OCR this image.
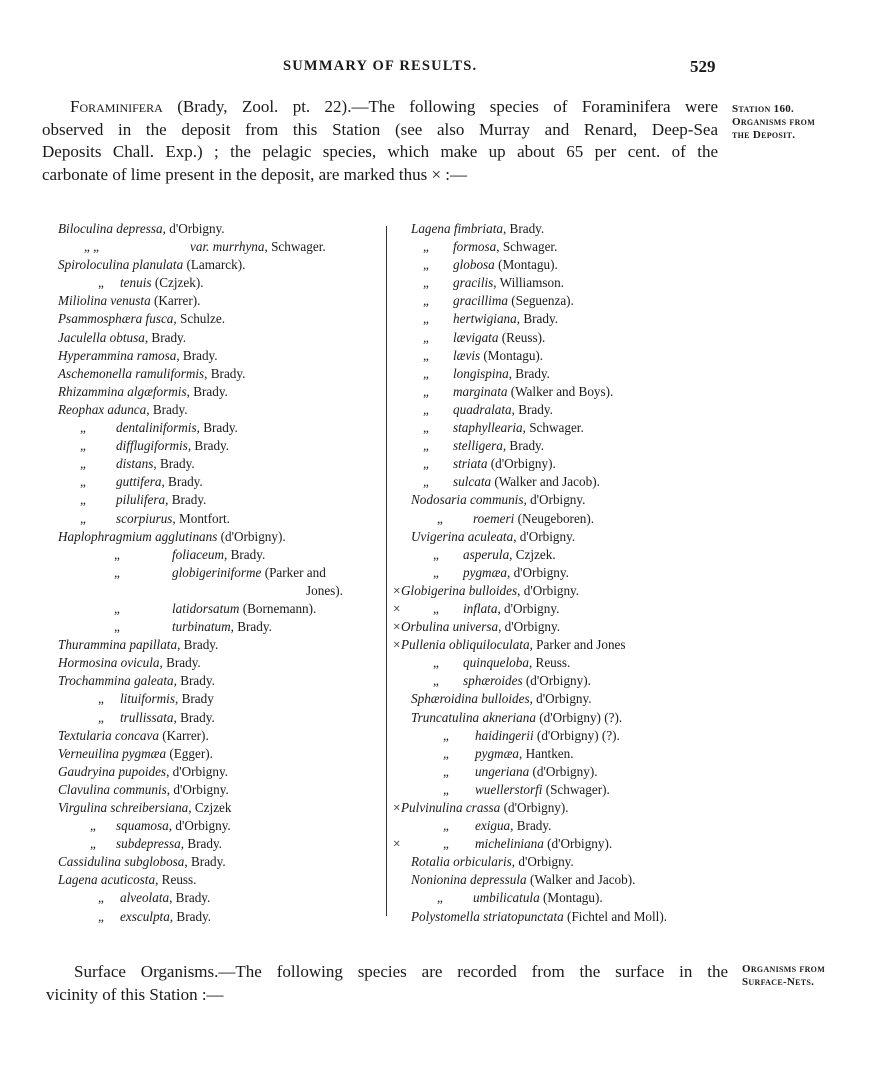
SUMMARY OF RESULTS.	529
Foraminifera (Brady, Zool. pt. 22).—The following species of Foraminifera were
observed in the deposit from this Station (see also Murray and Renard, Deep-Sea
Deposits Chall. Exp.) ; the pelagic species, which make up about 65 per cent. of the
carbonate of lime present in the deposit, are marked thus × :—
Station 160.
Organisms from
the Deposit.
Biloculina depressa, d'Orbigny.
„ „	var. murrhyna, Schwager.
Spiroloculina planulata (Lamarck).
„ tenuis (Czjzek).
Miliolina venusta (Karrer).
Psammosphæra fusca, Schulze.
Jaculella obtusa, Brady.
Hyperammina ramosa, Brady.
Aschemonella ramuliformis, Brady.
Rhizammina algæformis, Brady.
Reophax adunca, Brady.
„ dentaliniformis, Brady.
„ difflugiformis, Brady.
„ distans, Brady.
„ guttifera, Brady.
„ pilulifera, Brady.
„ scorpiurus, Montfort.
Haplophragmium agglutinans (d'Orbigny).
„	foliaceum, Brady.
„	globigeriniforme (Parker and
Jones).
„	latidorsatum (Bornemann).
„	turbinatum, Brady.
Thurammina papillata, Brady.
Hormosina ovicula, Brady.
Trochammina galeata, Brady.
„ lituiformis, Brady
„ trullissata, Brady.
Textularia concava (Karrer).
Verneuilina pygmæa (Egger).
Gaudryina pupoides, d'Orbigny.
Clavulina communis, d'Orbigny.
Virgulina schreibersiana, Czjzek
„ squamosa, d'Orbigny.
„ subdepressa, Brady.
Cassidulina subglobosa, Brady.
Lagena acuticosta, Reuss.
„ alveolata, Brady.
„ exsculpta, Brady.
Lagena fimbriata, Brady.
„ formosa, Schwager.
„ globosa (Montagu).
„ gracilis, Williamson.
„ gracillima (Seguenza).
„ hertwigiana, Brady.
„ lævigata (Reuss).
„ lævis (Montagu).
„ longispina, Brady.
„ marginata (Walker and Boys).
„ quadralata, Brady.
„ staphyllearia, Schwager.
„ stelligera, Brady.
„ striata (d'Orbigny).
„ sulcata (Walker and Jacob).
Nodosaria communis, d'Orbigny.
„ roemeri (Neugeboren).
Uvigerina aculeata, d'Orbigny.
„ asperula, Czjzek.
„ pygmæa, d'Orbigny.
× Globigerina bulloides, d'Orbigny.
× „ inflata, d'Orbigny.
× Orbulina universa, d'Orbigny.
× Pullenia obliquiloculata, Parker and Jones
„ quinqueloba, Reuss.
„ sphæroides (d'Orbigny).
Sphæroidina bulloides, d'Orbigny.
Truncatulina akneriana (d'Orbigny) (?).
„ haidingerii (d'Orbigny) (?).
„ pygmæa, Hantken.
„ ungeriana (d'Orbigny).
„ wuellerstorfi (Schwager).
× Pulvinulina crassa (d'Orbigny).
„ exigua, Brady.
×	„ micheliniana (d'Orbigny).
Rotalia orbicularis, d'Orbigny.
Nonionina depressula (Walker and Jacob).
„ umbilicatula (Montagu).
Polystomella striatopunctata (Fichtel and Moll).
Surface Organisms.—The following species are recorded from the surface in the
vicinity of this Station :—
Organisms from
Surface-Nets.
